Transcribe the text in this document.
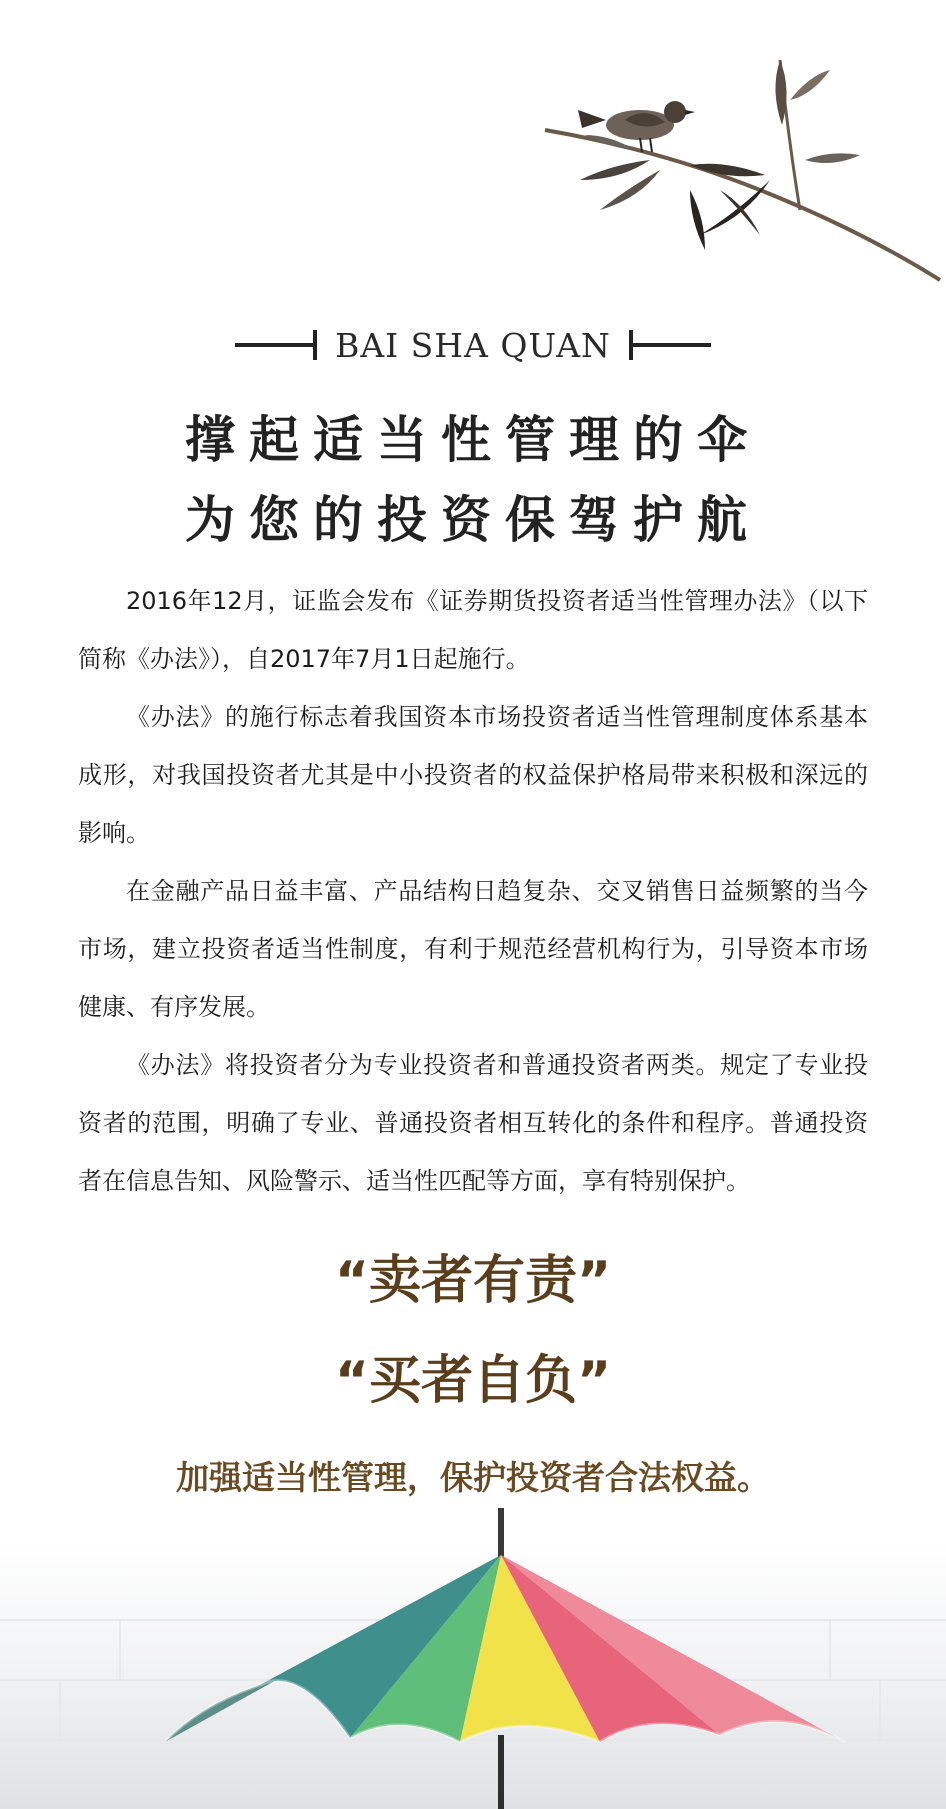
BAI SHA QUAN
撑起适当性管理的伞
为您的投资保驾护航

2016年12月，证监会发布《证券期货投资者适当性管理办法》（以下简称《办法》），自2017年7月1日起施行。

《办法》的施行标志着我国资本市场投资者适当性管理制度体系基本成形，对我国投资者尤其是中小投资者的权益保护格局带来积极和深远的影响。

在金融产品日益丰富、产品结构日趋复杂、交叉销售日益频繁的当今市场，建立投资者适当性制度，有利于规范经营机构行为，引导资本市场健康、有序发展。

《办法》将投资者分为专业投资者和普通投资者两类。规定了专业投资者的范围，明确了专业、普通投资者相互转化的条件和程序。普通投资者在信息告知、风险警示、适当性匹配等方面，享有特别保护。

“卖者有责”
“买者自负”
加强适当性管理，保护投资者合法权益。
